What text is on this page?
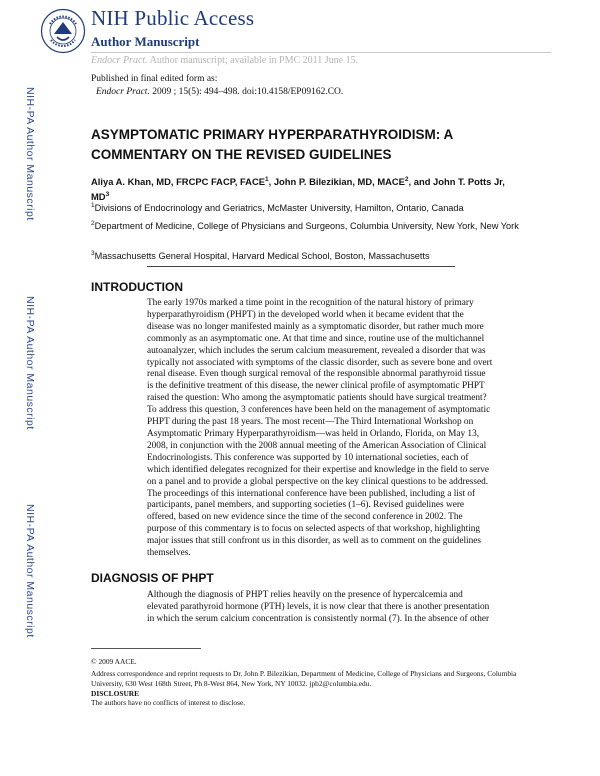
NIH Public Access
Author Manuscript
Endocr Pract. Author manuscript; available in PMC 2011 June 15.
Published in final edited form as:
Endocr Pract. 2009 ; 15(5): 494–498. doi:10.4158/EP09162.CO.
NIH-PA Author Manuscript
NIH-PA Author Manuscript
NIH-PA Author Manuscript
ASYMPTOMATIC PRIMARY HYPERPARATHYROIDISM: A COMMENTARY ON THE REVISED GUIDELINES
Aliya A. Khan, MD, FRCPC FACP, FACE$^1$, John P. Bilezikian, MD, MACE$^2$, and John T. Potts Jr, $MD^3$
$^1$Divisions of Endocrinology and Geriatrics, McMaster University, Hamilton, Ontario, Canada
$^2$Department of Medicine, College of Physicians and Surgeons, Columbia University, New York, New York
$^3$Massachusetts General Hospital, Harvard Medical School, Boston, Massachusetts
INTRODUCTION
The early 1970s marked a time point in the recognition of the natural history of primary
hyperparathyroidism (PHPT) in the developed world when it became evident that the
disease was no longer manifested mainly as a symptomatic disorder, but rather much more
commonly as an asymptomatic one. At that time and since, routine use of the multichannel
autoanalyzer, which includes the serum calcium measurement, revealed a disorder that was
typically not associated with symptoms of the classic disorder, such as severe bone and overt
renal disease. Even though surgical removal of the responsible abnormal parathyroid tissue
is the definitive treatment of this disease, the newer clinical profile of asymptomatic PHPT
raised the question: Who among the asymptomatic patients should have surgical treatment?
To address this question, 3 conferences have been held on the management of asymptomatic
PHPT during the past 18 years. The most recent—The Third International Workshop on
Asymptomatic Primary Hyperparathyroidism—was held in Orlando, Florida, on May 13,
2008, in conjunction with the 2008 annual meeting of the American Association of Clinical
Endocrinologists. This conference was supported by 10 international societies, each of
which identified delegates recognized for their expertise and knowledge in the field to serve
on a panel and to provide a global perspective on the key clinical questions to be addressed.
The proceedings of this international conference have been published, including a list of
participants, panel members, and supporting societies (1–6). Revised guidelines were
offered, based on new evidence since the time of the second conference in 2002. The
purpose of this commentary is to focus on selected aspects of that workshop, highlighting
major issues that still confront us in this disorder, as well as to comment on the guidelines
themselves.
DIAGNOSIS OF PHPT
Although the diagnosis of PHPT relies heavily on the presence of hypercalcemia and
elevated parathyroid hormone (PTH) levels, it is now clear that there is another presentation
in which the serum calcium concentration is consistently normal (7). In the absence of other
© 2009 AACE.
Address correspondence and reprint requests to Dr. John P. Bilezikian, Department of Medicine, College of Physicians and Surgeons, Columbia University, 630 West 168th Street, Ph 8-West 864, New York, NY 10032. jpb2@columbia.edu.
DISCLOSURE
The authors have no conflicts of interest to disclose.
